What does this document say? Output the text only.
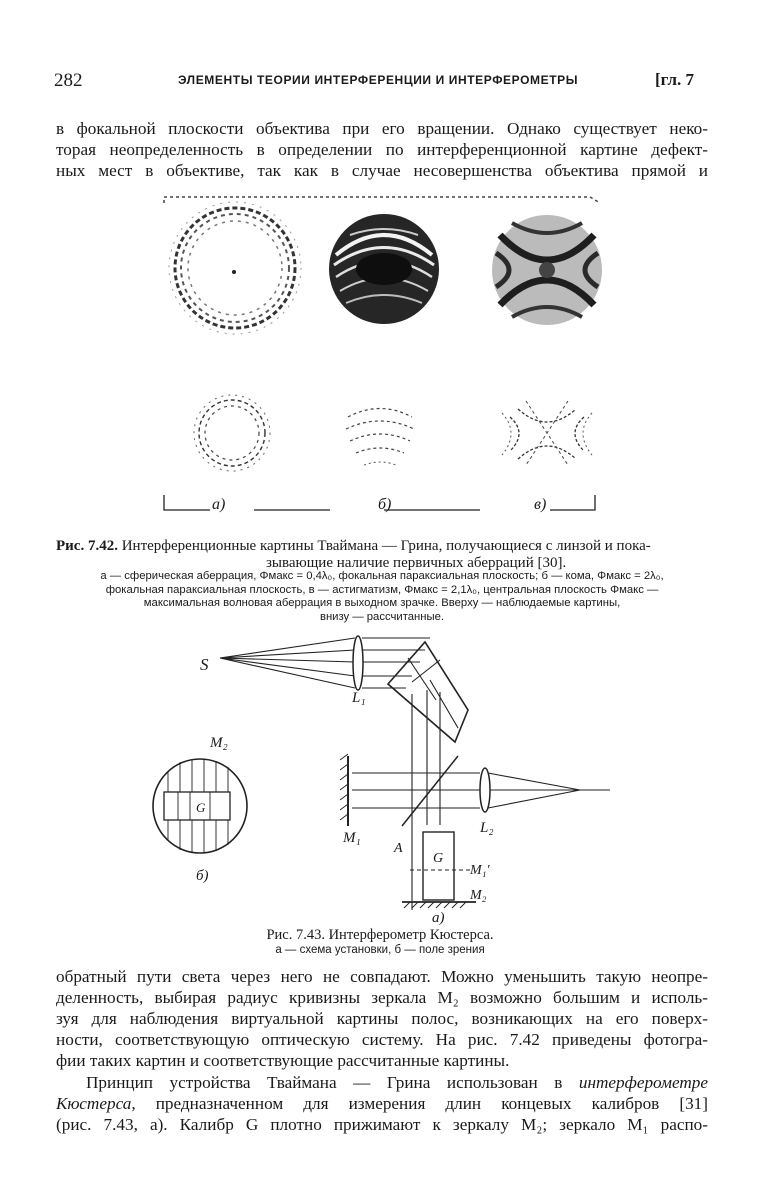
282	ЭЛЕМЕНТЫ ТЕОРИИ ИНТЕРФЕРЕНЦИИ И ИНТЕРФЕРОМЕТРЫ	[гл. 7
в фокальной плоскости объектива при его вращении. Однако существует неко-
торая неопределенность в определении по интерференционной картине дефект-
ных мест в объективе, так как в случае несовершенства объектива прямой и
а)	б)	в)
Рис. 7.42. Интерференционные картины Тваймана — Грина, получающиеся с линзой и пока-
зывающие наличие первичных аберраций [30].
а — сферическая аберрация, Φмакс = 0,4λ₀, фокальная параксиальная плоскость; б — кома, Φмакс = 2λ₀,
фокальная параксиальная плоскость, в — астигматизм, Φмакс = 2,1λ₀, центральная плоскость Φмакс —
максимальная волновая аберрация в выходном зрачке. Вверху — наблюдаемые картины,
внизу — рассчитанные.
S
L₁
L₂
M₁
M₂
M₂
M₁′
A
G
G
а)
б)
Рис. 7.43. Интерферометр Кюстерса.
а — схема установки, б — поле зрения
обратный пути света через него не совпадают. Можно уменьшить такую неопре-
деленность, выбирая радиус кривизны зеркала M₂ возможно большим и исполь-
зуя для наблюдения виртуальной картины полос, возникающих на его поверх-
ности, соответствующую оптическую систему. На рис. 7.42 приведены фотогра-
фии таких картин и соответствующие рассчитанные картины.
Принцип устройства Тваймана — Грина использован в интерферометре
Кюстерса, предназначенном для измерения длин концевых калибров [31]
(рис. 7.43, а). Калибр G плотно прижимают к зеркалу M₂; зеркало M₁ распо-
